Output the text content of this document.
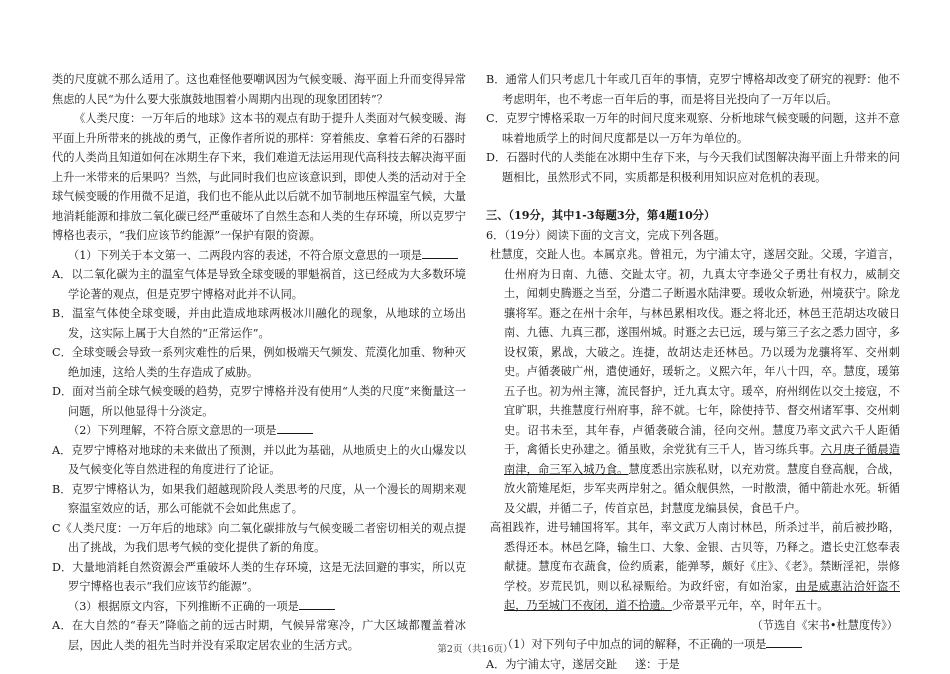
类的尺度就不那么适用了。这也难怪他要嘲讽因为气候变暖、海平面上升而变得异常焦虑的人民“为什么要大张旗鼓地围着小周期内出现的现象团团转”？

《人类尺度：一万年后的地球》这本书的观点有助于提升人类面对气候变暖、海平面上升所带来的挑战的勇气，正像作者所说的那样：穿着熊皮、拿着石斧的石器时代的人类尚且知道如何在冰期生存下来，我们难道无法运用现代高科技去解决海平面上升一米带来的后果吗？当然，与此同时我们也应该意识到，即使人类的活动对于全球气候变暖的作用微不足道，我们也不能从此以后就不加节制地压榨温室气候，大量地消耗能源和排放二氧化碳已经严重破坏了自然生态和人类的生存环境，所以克罗宁博格也表示，“我们应该节约能源”一保护有限的资源。

（1）下列关于本文第一、二两段内容的表述，不符合原文意思的一项是

A．以二氧化碳为主的温室气体是导致全球变暖的罪魁祸首，这已经成为大多数环境学论著的观点，但是克罗宁博格对此并不认同。

B．温室气体使全球变暖，并由此造成地球两极冰川融化的现象，从地球的立场出发，这实际上属于大自然的“正常运作”。

C．全球变暖会导致一系列灾难性的后果，例如极端天气频发、荒漠化加重、物种灭绝加速，这给人类的生存造成了威胁。

D．面对当前全球气候变暖的趋势，克罗宁博格并没有使用“人类的尺度”来衡量这一问题，所以他显得十分淡定。

（2）下列理解，不符合原文意思的一项是

A．克罗宁博格对地球的未来做出了预测，并以此为基础，从地质史上的火山爆发以及气候变化等自然进程的角度进行了论证。

B．克罗宁博格认为，如果我们超越现阶段人类思考的尺度，从一个漫长的周期来观察温室效应的话，那么可能就不会如此焦虑了。

C《人类尺度：一万年后的地球》向二氧化碳排放与气候变暖二者密切相关的观点提出了挑战，为我们思考气候的变化提供了新的角度。

D．大量地消耗自然资源会严重破坏人类的生存环境，这是无法回避的事实，所以克罗宁博格也表示“我们应该节约能源”。

（3）根据原文内容，下列推断不正确的一项是

A．在大自然的“春天”降临之前的远古时期，气候异常寒冷，广大区域都覆盖着冰层，因此人类的祖先当时并没有采取定居农业的生活方式。

B．通常人们只考虑几十年或几百年的事情，克罗宁博格却改变了研究的视野：他不考虑明年，也不考虑一百年后的事，而是将目光投向了一万年以后。

C．克罗宁博格采取一万年的时间尺度来观察、分析地球气候变暖的问题，这并不意味着地质学上的时间尺度都是以一万年为单位的。

D．石器时代的人类能在冰期中生存下来，与今天我们试图解决海平面上升带来的问题相比，虽然形式不同，实质都是积极利用知识应对危机的表现。

三、（19分，其中1-3每题3分，第4题10分）

6．（19分）阅读下面的文言文，完成下列各题。

杜慧度，交趾人也。本属京兆。曾祖元，为宁浦太守，遂居交趾。父瑗，字道言，仕州府为日南、九德、交趾太守。初，九真太守李逊父子勇壮有权力，威制交土，闻刺史腾遯之当至，分遣二子断遏水陆津要。瑗收众斩逊，州境获宁。除龙骧将军。遯之在州十余年，与林邑累相攻伐。遯之将北还，林邑王范胡达攻破日南、九德、九真三郡，遂围州城。时遯之去已远，瑗与第三子玄之悉力固守，多设权策，累战，大破之。连捷，故胡达走还林邑。乃以瑗为龙骧将军、交州刺史。卢循袭破广州，遣使通好，瑗斩之。义熙六年，年八十四，卒。慧度，瑗第五子也。初为州主簿，流民督护，迁九真太守。瑗卒，府州纲佐以交土接寇，不宜旷职，共推慧度行州府事，辞不就。七年，除使持节、督交州诸军事、交州刺史。诏书未至，其年春，卢循袭破合浦，径向交州。慧度乃率文武六千人距循于，禽循长史孙建之。循虽败，余党犹有三千人，皆习练兵事。六月庚子循晨造南津，命三军入城乃食。慧度悉出宗族私财，以充劝赏。慧度自登高舰，合战，放火箭雉尾炬，步军夹两岸射之。循众舰俱然，一时散溃，循中箭赴水死。斩循及父嘏，并循二子，传首京邑，封慧度龙编县侯，食邑千户。

高祖践祚，进号辅国将军。其年，率文武万人南讨林邑，所杀过半，前后被抄略，悉得还本。林邑乞降，输生口、大象、金银、古贝等，乃释之。遣长史江悠奉表献捷。慧度布衣蔬食，俭约质素，能弹琴，颇好《庄》、《老》。禁断淫祀，崇修学校。岁荒民饥，则以私禄赈给。为政纤密，有如治家，由是威惠沾洽奸盗不起，乃至城门不夜闭，道不拾遗。少帝景平元年，卒，时年五十。

（节选自《宋书•杜慧度传》）

（1）对下列句子中加点的词的解释，不正确的一项是

A．为宁浦太守，遂居交趾 遂：于是

第2页（共16页）
